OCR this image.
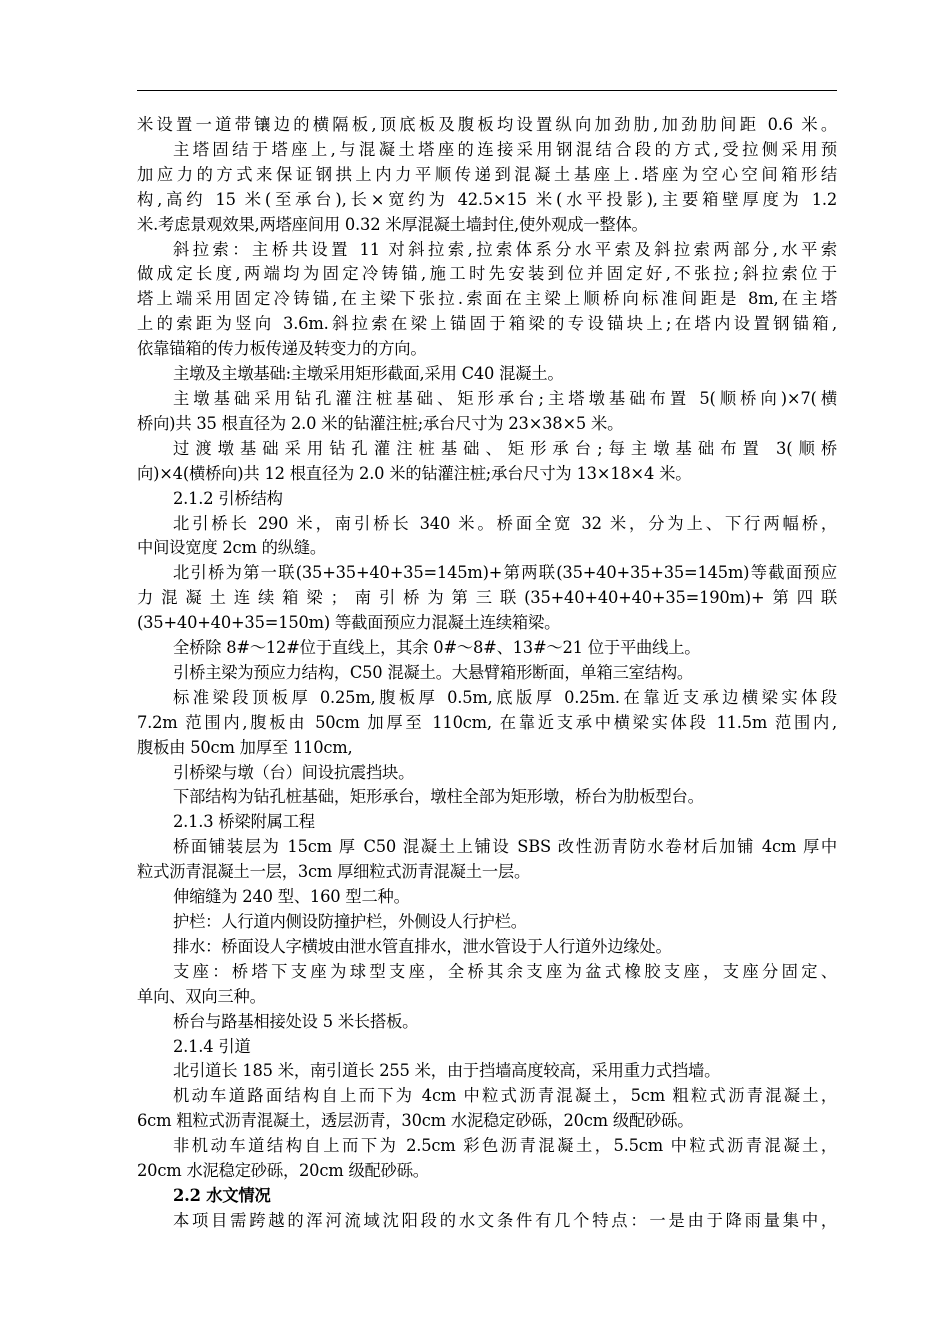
米设置一道带镶边的横隔板,顶底板及腹板均设置纵向加劲肋,加劲肋间距 0.6 米。

主塔固结于塔座上,与混凝土塔座的连接采用钢混结合段的方式,受拉侧采用预

加应力的方式来保证钢拱上内力平顺传递到混凝土基座上.塔座为空心空间箱形结

构,高约 15 米(至承台),长×宽约为 42.5×15 米(水平投影),主要箱壁厚度为 1.2

米.考虑景观效果,两塔座间用 0.32 米厚混凝土墙封住,使外观成一整体。

斜拉索：主桥共设置 11 对斜拉索,拉索体系分水平索及斜拉索两部分,水平索

做成定长度,两端均为固定冷铸锚,施工时先安装到位并固定好,不张拉;斜拉索位于

塔上端采用固定冷铸锚,在主梁下张拉.索面在主梁上顺桥向标准间距是 8m,在主塔

上的索距为竖向 3.6m.斜拉索在梁上锚固于箱梁的专设锚块上;在塔内设置钢锚箱,

依靠锚箱的传力板传递及转变力的方向。

主墩及主墩基础:主墩采用矩形截面,采用 C40 混凝土。

主墩基础采用钻孔灌注桩基础、矩形承台;主塔墩基础布置 5(顺桥向)×7(横

桥向)共 35 根直径为 2.0 米的钻灌注桩;承台尺寸为 23×38×5 米。

过渡墩基础采用钻孔灌注桩基础、矩形承台;每主墩基础布置 3(顺桥

向)×4(横桥向)共 12 根直径为 2.0 米的钻灌注桩;承台尺寸为 13×18×4 米。

2.1.2 引桥结构

北引桥长 290 米，南引桥长 340 米。桥面全宽 32 米，分为上、下行两幅桥，

中间设宽度 2cm 的纵缝。

北引桥为第一联(35+35+40+35=145m)+第两联(35+40+35+35=145m)等截面预应

力混凝土连续箱梁；南引桥为第三联(35+40+40+40+35=190m)+第四联

(35+40+40+35=150m) 等截面预应力混凝土连续箱梁。

全桥除 8#～12#位于直线上，其余 0#～8#、13#～21 位于平曲线上。

引桥主梁为预应力结构，C50 混凝土。大悬臂箱形断面，单箱三室结构。

标准梁段顶板厚 0.25m,腹板厚 0.5m,底版厚 0.25m.在靠近支承边横梁实体段

7.2m 范围内,腹板由 50cm 加厚至 110cm, 在靠近支承中横梁实体段 11.5m 范围内,

腹板由 50cm 加厚至 110cm,

引桥梁与墩（台）间设抗震挡块。

下部结构为钻孔桩基础，矩形承台，墩柱全部为矩形墩，桥台为肋板型台。

2.1.3 桥梁附属工程

桥面铺装层为 15cm 厚 C50 混凝土上铺设 SBS 改性沥青防水卷材后加铺 4cm 厚中

粒式沥青混凝土一层，3cm 厚细粒式沥青混凝土一层。

伸缩缝为 240 型、160 型二种。

护栏：人行道内侧设防撞护栏，外侧设人行护栏。

排水：桥面设人字横坡由泄水管直排水，泄水管设于人行道外边缘处。

支座：桥塔下支座为球型支座，全桥其余支座为盆式橡胶支座，支座分固定、

单向、双向三种。

桥台与路基相接处设 5 米长搭板。

2.1.4 引道

北引道长 185 米，南引道长 255 米，由于挡墙高度较高，采用重力式挡墙。

机动车道路面结构自上而下为 4cm 中粒式沥青混凝土，5cm 粗粒式沥青混凝土，

6cm 粗粒式沥青混凝土，透层沥青，30cm 水泥稳定砂砾，20cm 级配砂砾。

非机动车道结构自上而下为 2.5cm 彩色沥青混凝土，5.5cm 中粒式沥青混凝土，

20cm 水泥稳定砂砾，20cm 级配砂砾。

2.2 水文情况

本项目需跨越的浑河流域沈阳段的水文条件有几个特点：一是由于降雨量集中，
